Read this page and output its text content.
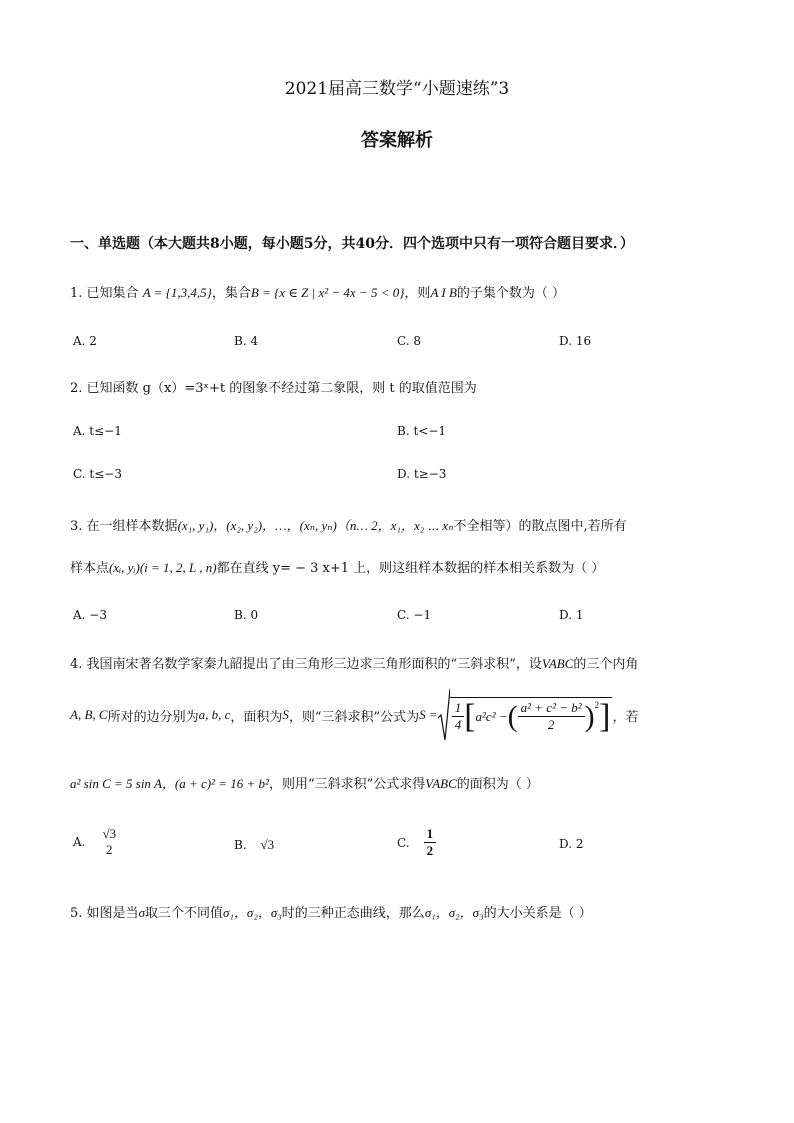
2021届高三数学“小题速练”3
答案解析
一、单选题（本大题共8小题，每小题5分，共40分．四个选项中只有一项符合题目要求．）
1. 已知集合 A = {1,3,4,5}，集合B = {x ∈ Z | x² − 4x − 5 < 0}，则A I B的子集个数为（ ）
A. 2	B. 4	C. 8	D. 16
2. 已知函数 g（x）=3ˣ+t 的图象不经过第二象限，则 t 的取值范围为
A. t≤−1	B. t<−1
C. t≤−3	D. t≥−3
3. 在一组样本数据(x₁, y₁)，(x₂, y₂)，…，(xₙ, yₙ)（n… 2，x₁，x₂ ⋯ xₙ不全相等）的散点图中,若所有
样本点(xᵢ, yᵢ)(i = 1, 2, L , n)都在直线 y= − 3 x+1 上，则这组样本数据的样本相关系数为（ ）
A. −3	B. 0	C. −1	D. 1
4. 我国南宋著名数学家秦九韶提出了由三角形三边求三角形面积的“三斜求积”，设VABC的三个内角
A, B, C 所对的边分别为 a, b, c ，面积为 S ，则“三斜求积”公式为 $S = \frac{1}{4}$ [ a²c² − ( $\frac{\text{a² + c² − b²}}{2} )^2$ ] ，若
a² sin C = 5 sin A，(a + c)² = 16 + b²，则用“三斜求积”公式求得VABC的面积为（ ）
A.
√3
2	B. √3	C. $\frac{1}{2}$	D. 2
5. 如图是当σ取三个不同值σ₁，σ₂，σ₃时的三种正态曲线，那么σ₁，σ₂，σ₃的大小关系是（ ）
